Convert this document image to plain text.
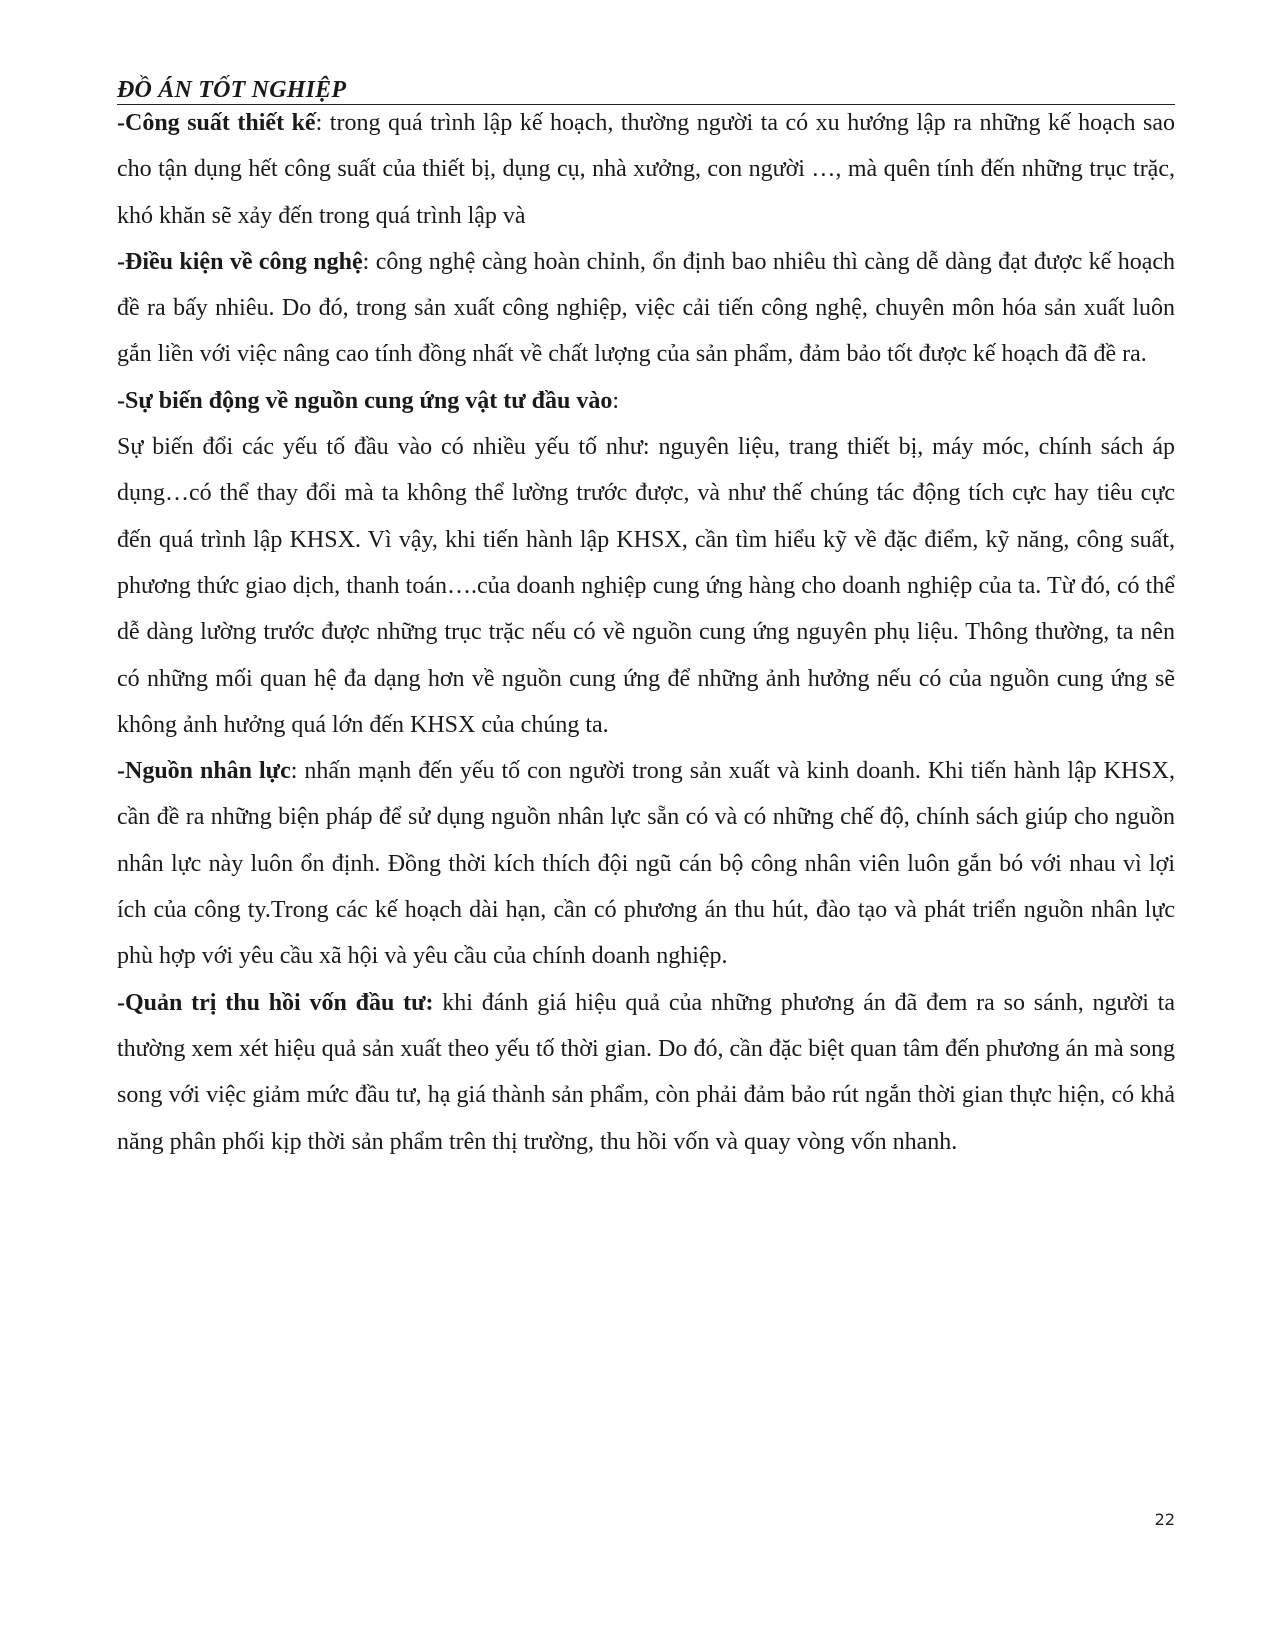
ĐỒ ÁN TỐT NGHIỆP

-Công suất thiết kế: trong quá trình lập kế hoạch, thường người ta có xu hướng lập ra những kế hoạch sao cho tận dụng hết công suất của thiết bị, dụng cụ, nhà xưởng, con người …, mà quên tính đến những trục trặc, khó khăn sẽ xảy đến trong quá trình lập và

-Điều kiện về công nghệ: công nghệ càng hoàn chỉnh, ổn định bao nhiêu thì càng dễ dàng đạt được kế hoạch đề ra bấy nhiêu. Do đó, trong sản xuất công nghiệp, việc cải tiến công nghệ, chuyên môn hóa sản xuất luôn gắn liền với việc nâng cao tính đồng nhất về chất lượng của sản phẩm, đảm bảo tốt được kế hoạch đã đề ra.

-Sự biến động về nguồn cung ứng vật tư đầu vào:

Sự biến đổi các yếu tố đầu vào có nhiều yếu tố như: nguyên liệu, trang thiết bị, máy móc, chính sách áp dụng…có thể thay đổi mà ta không thể lường trước được, và như thế chúng tác động tích cực hay tiêu cực đến quá trình lập KHSX. Vì vậy, khi tiến hành lập KHSX, cần tìm hiểu kỹ về đặc điểm, kỹ năng, công suất, phương thức giao dịch, thanh toán….của doanh nghiệp cung ứng hàng cho doanh nghiệp của ta. Từ đó, có thể dễ dàng lường trước được những trục trặc nếu có về nguồn cung ứng nguyên phụ liệu. Thông thường, ta nên có những mối quan hệ đa dạng hơn về nguồn cung ứng để những ảnh hưởng nếu có của nguồn cung ứng sẽ không ảnh hưởng quá lớn đến KHSX của chúng ta.

-Nguồn nhân lực: nhấn mạnh đến yếu tố con người trong sản xuất và kinh doanh. Khi tiến hành lập KHSX, cần đề ra những biện pháp để sử dụng nguồn nhân lực sẵn có và có những chế độ, chính sách giúp cho nguồn nhân lực này luôn ổn định. Đồng thời kích thích đội ngũ cán bộ công nhân viên luôn gắn bó với nhau vì lợi ích của công ty.Trong các kế hoạch dài hạn, cần có phương án thu hút, đào tạo và phát triển nguồn nhân lực phù hợp với yêu cầu xã hội và yêu cầu của chính doanh nghiệp.

-Quản trị thu hồi vốn đầu tư: khi đánh giá hiệu quả của những phương án đã đem ra so sánh, người ta thường xem xét hiệu quả sản xuất theo yếu tố thời gian. Do đó, cần đặc biệt quan tâm đến phương án mà song song với việc giảm mức đầu tư, hạ giá thành sản phẩm, còn phải đảm bảo rút ngắn thời gian thực hiện, có khả năng phân phối kịp thời sản phẩm trên thị trường, thu hồi vốn và quay vòng vốn nhanh.

22
